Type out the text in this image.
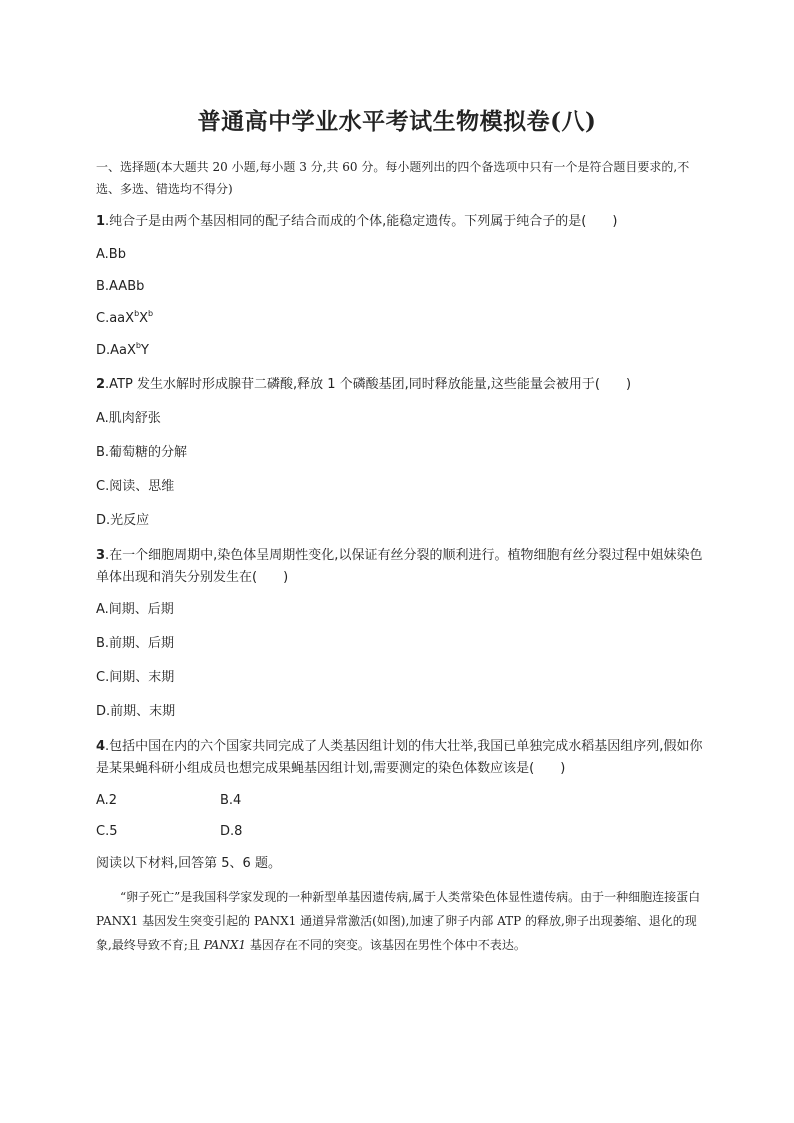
普通高中学业水平考试生物模拟卷(八)
一、选择题(本大题共 20 小题,每小题 3 分,共 60 分。每小题列出的四个备选项中只有一个是符合题目要求的,不选、多选、错选均不得分)
1.纯合子是由两个基因相同的配子结合而成的个体,能稳定遗传。下列属于纯合子的是(　　)
A.Bb
B.AABb
$C.aaX^bX^b$
D.AaX$^b$Y
2.ATP 发生水解时形成腺苷二磷酸,释放 1 个磷酸基团,同时释放能量,这些能量会被用于(　　)
A.肌肉舒张
B.葡萄糖的分解
C.阅读、思维
D.光反应
3.在一个细胞周期中,染色体呈周期性变化,以保证有丝分裂的顺利进行。植物细胞有丝分裂过程中姐妹染色单体出现和消失分别发生在(　　)
A.间期、后期
B.前期、后期
C.间期、末期
D.前期、末期
4.包括中国在内的六个国家共同完成了人类基因组计划的伟大壮举,我国已单独完成水稻基因组序列,假如你是某果蝇科研小组成员也想完成果蝇基因组计划,需要测定的染色体数应该是(　　)
A.2	B.4
C.5	D.8
阅读以下材料,回答第 5、6 题。
“卵子死亡”是我国科学家发现的一种新型单基因遗传病,属于人类常染色体显性遗传病。由于一种细胞连接蛋白 PANX1 基因发生突变引起的 PANX1 通道异常激活(如图),加速了卵子内部 ATP 的释放,卵子出现萎缩、退化的现象,最终导致不育;且 PANX1 基因存在不同的突变。该基因在男性个体中不表达。
